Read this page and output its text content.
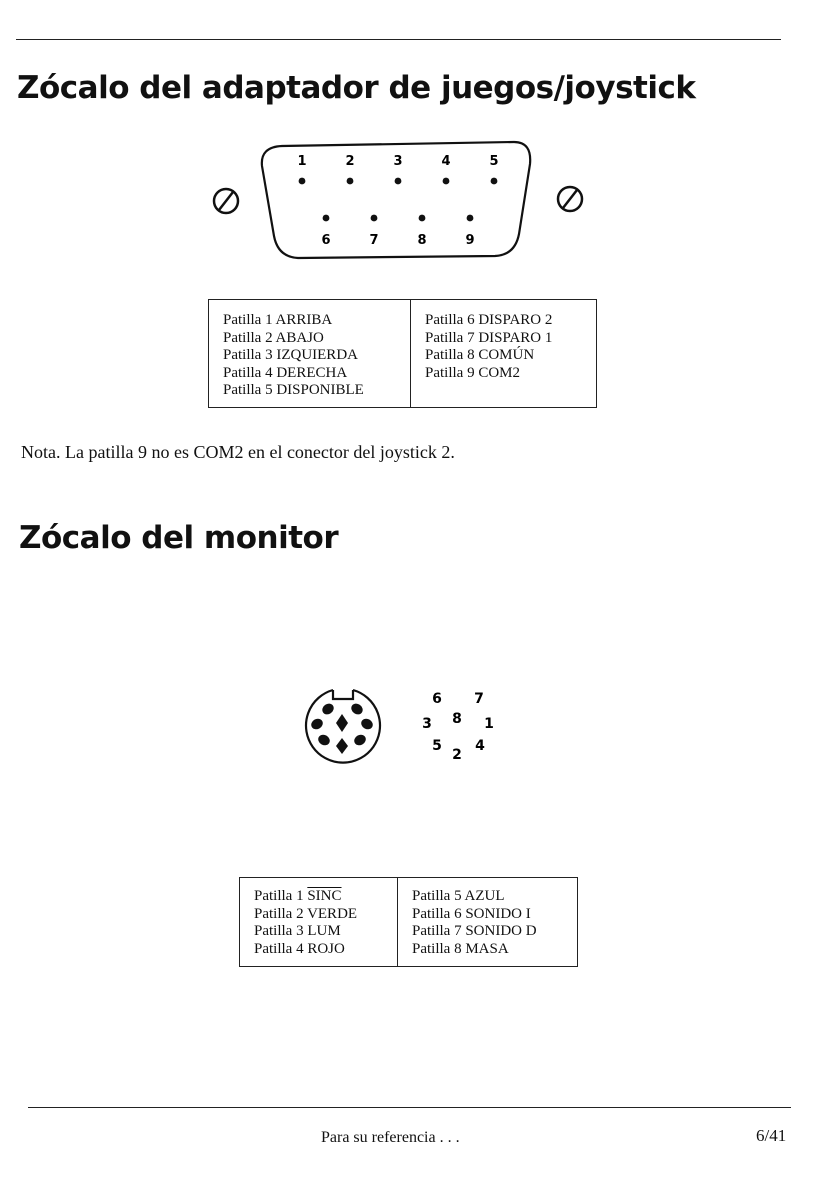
Zócalo del adaptador de juegos/joystick
1	2	3	4	5
6	7	8	9
Patilla 1 ARRIBA
Patilla 2 ABAJO
Patilla 3 IZQUIERDA
Patilla 4 DERECHA
Patilla 5 DISPONIBLE
Patilla 6 DISPARO 2
Patilla 7 DISPARO 1
Patilla 8 COMÚN
Patilla 9 COM2

Nota. La patilla 9 no es COM2 en el conector del joystick 2.

Zócalo del monitor
6 7
3 8 1
5
2
4
Patilla 1 SINC
Patilla 2 VERDE
Patilla 3 LUM
Patilla 4 ROJO
Patilla 5 AZUL
Patilla 6 SONIDO I
Patilla 7 SONIDO D
Patilla 8 MASA
Para su referencia . . .	6/41
